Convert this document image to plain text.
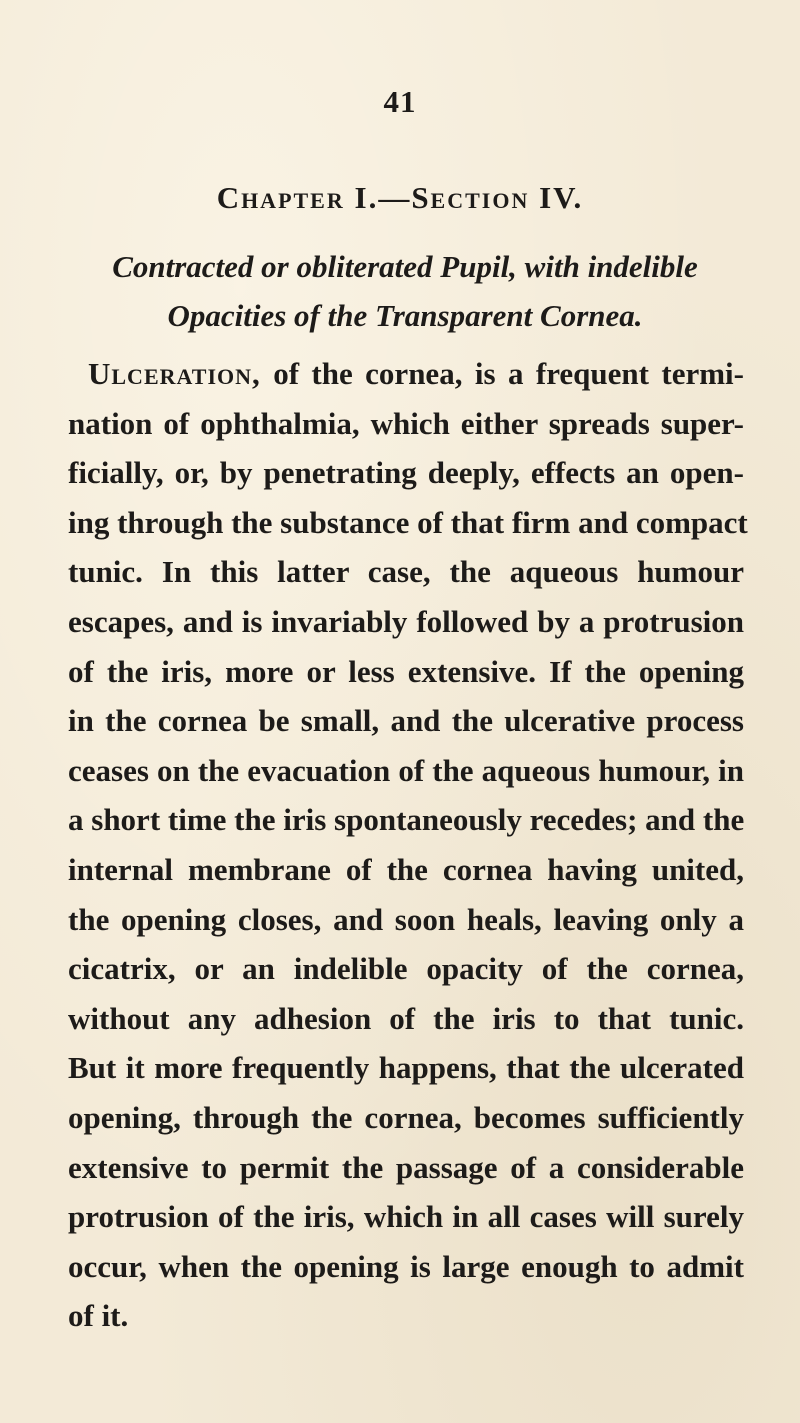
41
Chapter I.—Section IV.
Contracted or obliterated Pupil, with indelible
Opacities of the Transparent Cornea.
Ulceration, of the cornea, is a frequent termi-
nation of ophthalmia, which either spreads super-
ficially, or, by penetrating deeply, effects an open-
ing through the substance of that firm and compact
tunic. In this latter case, the aqueous humour
escapes, and is invariably followed by a protrusion
of the iris, more or less extensive. If the opening
in the cornea be small, and the ulcerative process
ceases on the evacuation of the aqueous humour, in
a short time the iris spontaneously recedes; and the
internal membrane of the cornea having united,
the opening closes, and soon heals, leaving only a
cicatrix, or an indelible opacity of the cornea,
without any adhesion of the iris to that tunic.
But it more frequently happens, that the ulcerated
opening, through the cornea, becomes sufficiently
extensive to permit the passage of a considerable
protrusion of the iris, which in all cases will surely
occur, when the opening is large enough to admit
of it.
